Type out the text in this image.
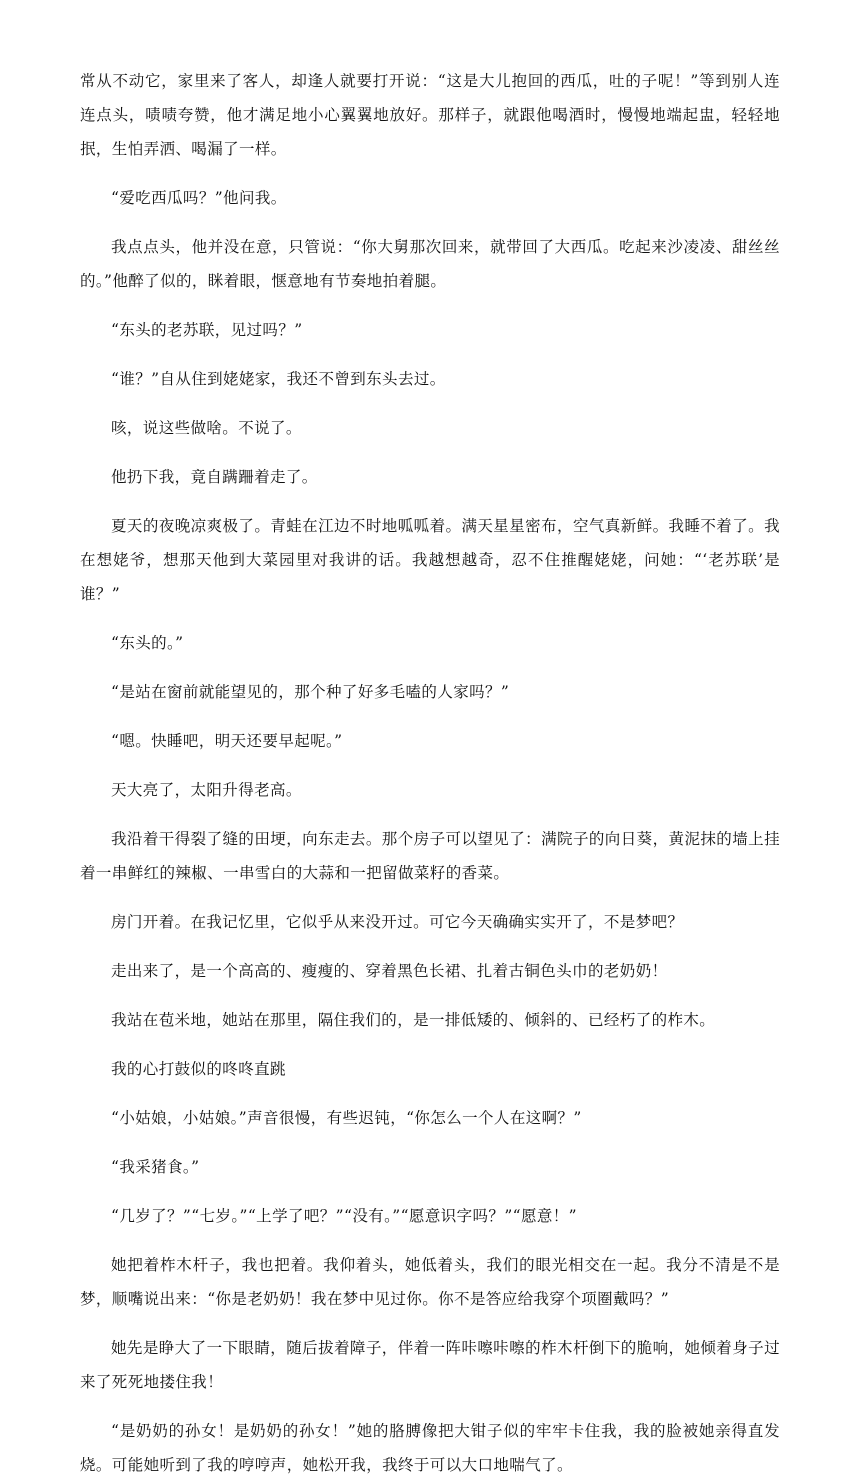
常从不动它，家里来了客人，却逢人就要打开说：“这是大儿抱回的西瓜，吐的子呢！”等到别人连连点头，啧啧夸赞，他才满足地小心翼翼地放好。那样子，就跟他喝酒时，慢慢地端起盅，轻轻地抿，生怕弄洒、喝漏了一样。

“爱吃西瓜吗？”他问我。

我点点头，他并没在意，只管说：“你大舅那次回来，就带回了大西瓜。吃起来沙凌凌、甜丝丝的。”他醉了似的，眯着眼，惬意地有节奏地拍着腿。

“东头的老苏联，见过吗？”

“谁？”自从住到姥姥家，我还不曾到东头去过。

咳，说这些做啥。不说了。

他扔下我，竟自蹒跚着走了。

夏天的夜晚凉爽极了。青蛙在江边不时地呱呱着。满天星星密布，空气真新鲜。我睡不着了。我在想姥爷，想那天他到大菜园里对我讲的话。我越想越奇，忍不住推醒姥姥，问她：“‘老苏联’是谁？”

“东头的。”

“是站在窗前就能望见的，那个种了好多毛嗑的人家吗？”

“嗯。快睡吧，明天还要早起呢。”

天大亮了，太阳升得老高。

我沿着干得裂了缝的田埂，向东走去。那个房子可以望见了：满院子的向日葵，黄泥抹的墙上挂着一串鲜红的辣椒、一串雪白的大蒜和一把留做菜籽的香菜。

房门开着。在我记忆里，它似乎从来没开过。可它今天确确实实开了，不是梦吧？

走出来了，是一个高高的、瘦瘦的、穿着黑色长裙、扎着古铜色头巾的老奶奶！

我站在苞米地，她站在那里，隔住我们的，是一排低矮的、倾斜的、已经朽了的柞木。

我的心打鼓似的咚咚直跳

“小姑娘，小姑娘。”声音很慢，有些迟钝，“你怎么一个人在这啊？”

“我采猪食。”

“几岁了？”“七岁。”“上学了吧？”“没有。”“愿意识字吗？”“愿意！”

她把着柞木杆子，我也把着。我仰着头，她低着头，我们的眼光相交在一起。我分不清是不是梦，顺嘴说出来：“你是老奶奶！我在梦中见过你。你不是答应给我穿个项圈戴吗？”

她先是睁大了一下眼睛，随后拔着障子，伴着一阵咔嚓咔嚓的柞木杆倒下的脆响，她倾着身子过来了死死地搂住我！

“是奶奶的孙女！是奶奶的孙女！”她的胳膊像把大钳子似的牢牢卡住我，我的脸被她亲得直发烧。可能她听到了我的哼哼声，她松开我，我终于可以大口地喘气了。
